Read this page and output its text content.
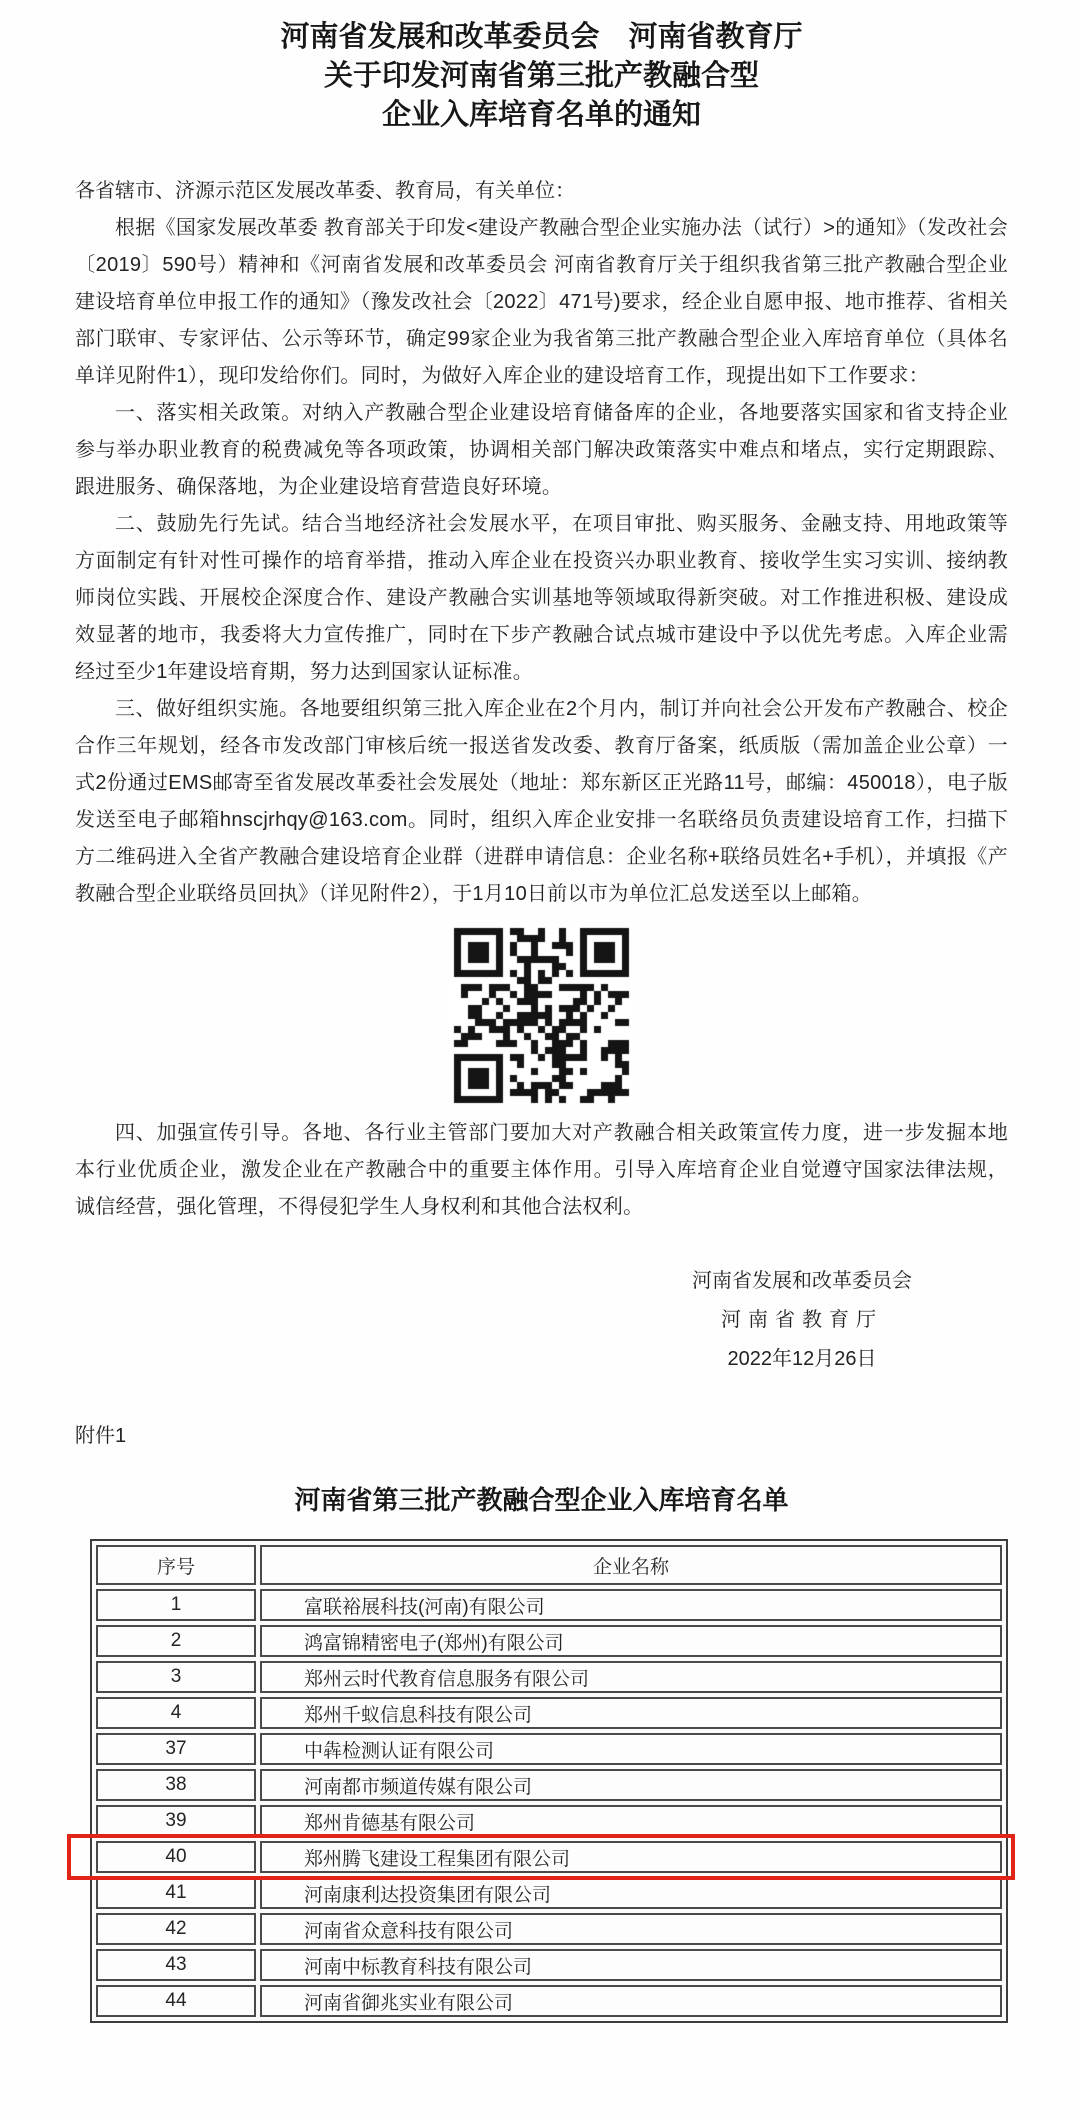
河南省发展和改革委员会　河南省教育厅
关于印发河南省第三批产教融合型
企业入库培育名单的通知
各省辖市、济源示范区发展改革委、教育局，有关单位：

根据《国家发展改革委 教育部关于印发<建设产教融合型企业实施办法（试行）>的通知》（发改社会〔2019〕590号）精神和《河南省发展和改革委员会 河南省教育厅关于组织我省第三批产教融合型企业建设培育单位申报工作的通知》（豫发改社会〔2022〕471号)要求，经企业自愿申报、地市推荐、省相关部门联审、专家评估、公示等环节，确定99家企业为我省第三批产教融合型企业入库培育单位（具体名单详见附件1），现印发给你们。同时，为做好入库企业的建设培育工作，现提出如下工作要求：

一、落实相关政策。对纳入产教融合型企业建设培育储备库的企业，各地要落实国家和省支持企业参与举办职业教育的税费减免等各项政策，协调相关部门解决政策落实中难点和堵点，实行定期跟踪、跟进服务、确保落地，为企业建设培育营造良好环境。

二、鼓励先行先试。结合当地经济社会发展水平，在项目审批、购买服务、金融支持、用地政策等方面制定有针对性可操作的培育举措，推动入库企业在投资兴办职业教育、接收学生实习实训、接纳教师岗位实践、开展校企深度合作、建设产教融合实训基地等领域取得新突破。对工作推进积极、建设成效显著的地市，我委将大力宣传推广，同时在下步产教融合试点城市建设中予以优先考虑。入库企业需经过至少1年建设培育期，努力达到国家认证标准。

三、做好组织实施。各地要组织第三批入库企业在2个月内，制订并向社会公开发布产教融合、校企合作三年规划，经各市发改部门审核后统一报送省发改委、教育厅备案，纸质版（需加盖企业公章）一式2份通过EMS邮寄至省发展改革委社会发展处（地址：郑东新区正光路11号，邮编：450018），电子版发送至电子邮箱hnscjrhqy@163.com。同时，组织入库企业安排一名联络员负责建设培育工作，扫描下方二维码进入全省产教融合建设培育企业群（进群申请信息：企业名称+联络员姓名+手机），并填报《产教融合型企业联络员回执》（详见附件2），于1月10日前以市为单位汇总发送至以上邮箱。

四、加强宣传引导。各地、各行业主管部门要加大对产教融合相关政策宣传力度，进一步发掘本地本行业优质企业，激发企业在产教融合中的重要主体作用。引导入库培育企业自觉遵守国家法律法规，诚信经营，强化管理，不得侵犯学生人身权利和其他合法权利。

河南省发展和改革委员会
河南省教育厅
2022年12月26日
附件1
河南省第三批产教融合型企业入库培育名单
序号	企业名称
1	富联裕展科技(河南)有限公司
2	鸿富锦精密电子(郑州)有限公司
3	郑州云时代教育信息服务有限公司
4	郑州千蚁信息科技有限公司
37	中犇检测认证有限公司
38	河南都市频道传媒有限公司
39	郑州肯德基有限公司
40	郑州腾飞建设工程集团有限公司
41	河南康利达投资集团有限公司
42	河南省众意科技有限公司
43	河南中标教育科技有限公司
44	河南省御兆实业有限公司
